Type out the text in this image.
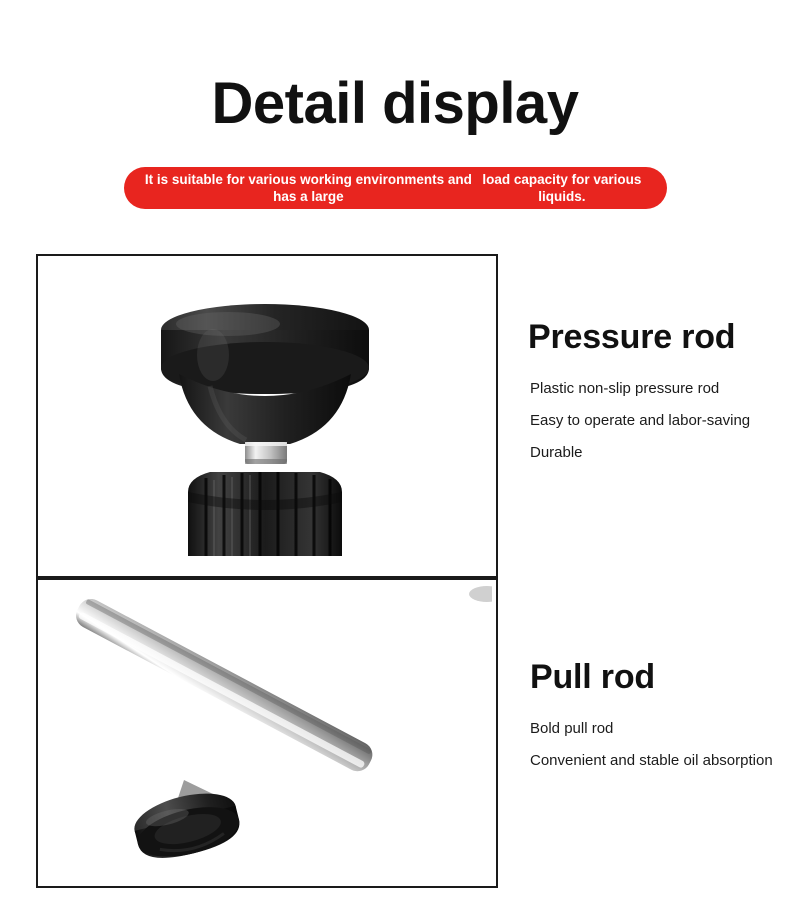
Detail display
It is suitable for various working environments and has a large
load capacity for various liquids.
Pressure rod
Plastic non-slip pressure rod
Easy to operate and labor-saving
Durable
Pull rod
Bold pull rod
Convenient and stable oil absorption
